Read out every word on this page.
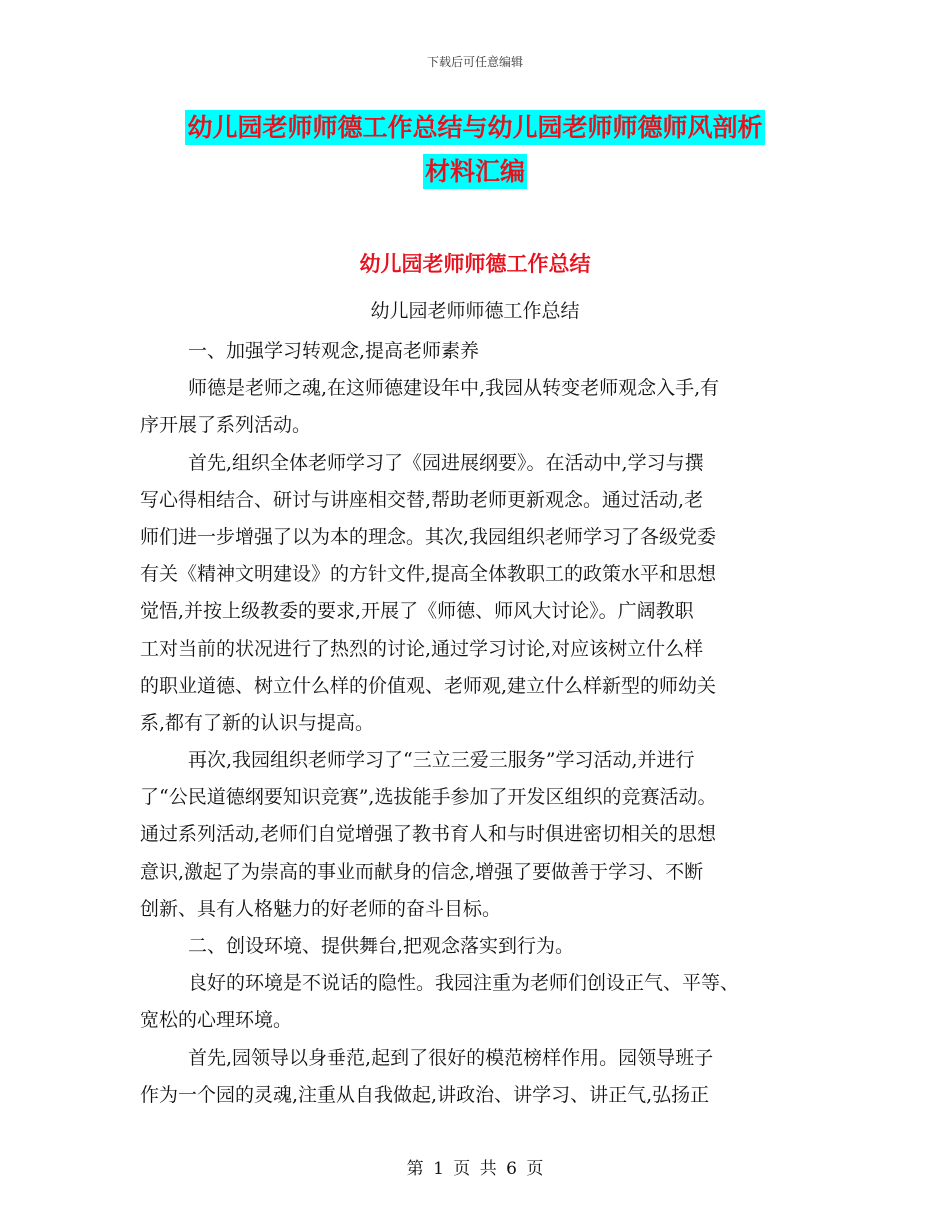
下载后可任意编辑
幼儿园老师师德工作总结与幼儿园老师师德师风剖析
材料汇编
幼儿园老师师德工作总结
幼儿园老师师德工作总结
一、加强学习转观念,提高老师素养
师德是老师之魂,在这师德建设年中,我园从转变老师观念入手,有
序开展了系列活动。
首先,组织全体老师学习了《园进展纲要》。在活动中,学习与撰
写心得相结合、研讨与讲座相交替,帮助老师更新观念。通过活动,老
师们进一步增强了以为本的理念。其次,我园组织老师学习了各级党委
有关《精神文明建设》的方针文件,提高全体教职工的政策水平和思想
觉悟,并按上级教委的要求,开展了《师德、师风大讨论》。广阔教职
工对当前的状况进行了热烈的讨论,通过学习讨论,对应该树立什么样
的职业道德、树立什么样的价值观、老师观,建立什么样新型的师幼关
系,都有了新的认识与提高。
再次,我园组织老师学习了“三立三爱三服务”学习活动,并进行
了“公民道德纲要知识竞赛”,选拔能手参加了开发区组织的竞赛活动。
通过系列活动,老师们自觉增强了教书育人和与时俱进密切相关的思想
意识,激起了为崇高的事业而献身的信念,增强了要做善于学习、不断
创新、具有人格魅力的好老师的奋斗目标。
二、创设环境、提供舞台,把观念落实到行为。
良好的环境是不说话的隐性。我园注重为老师们创设正气、平等、
宽松的心理环境。
首先,园领导以身垂范,起到了很好的模范榜样作用。园领导班子
作为一个园的灵魂,注重从自我做起,讲政治、讲学习、讲正气,弘扬正
第 1 页 共 6 页
